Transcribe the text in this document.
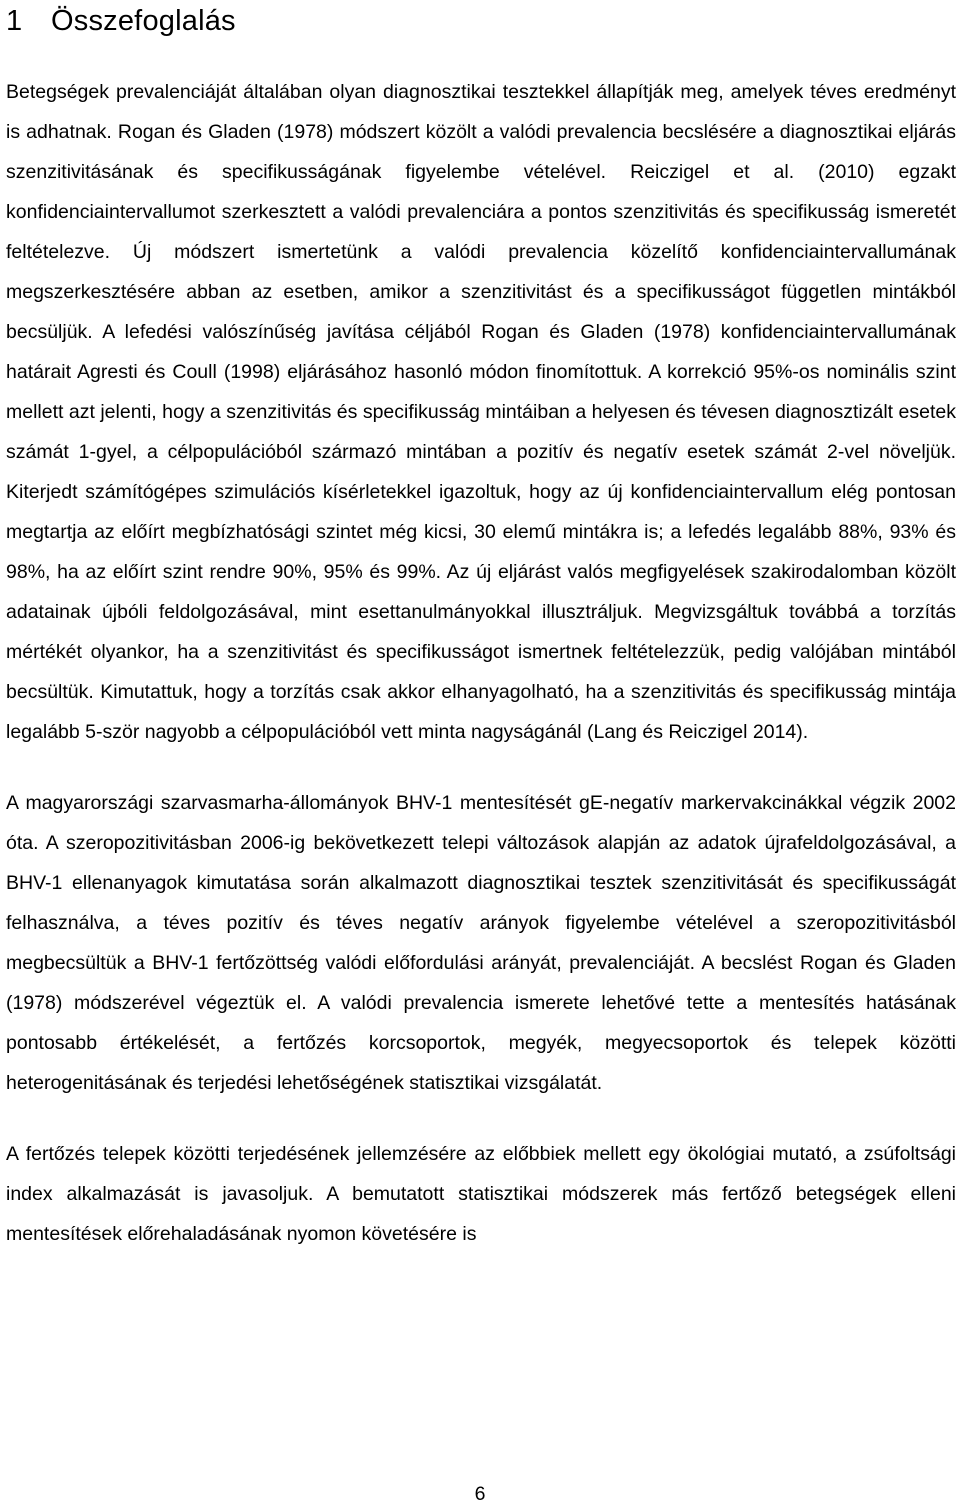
1 Összefoglalás

Betegségek prevalenciáját általában olyan diagnosztikai tesztekkel állapítják meg, amelyek téves eredményt is adhatnak. Rogan és Gladen (1978) módszert közölt a valódi prevalencia becslésére a diagnosztikai eljárás szenzitivitásának és specifikusságának figyelembe vételével. Reiczigel et al. (2010) egzakt konfidenciaintervallumot szerkesztett a valódi prevalenciára a pontos szenzitivitás és specifikusság ismeretét feltételezve. Új módszert ismertetünk a valódi prevalencia közelítő konfidenciaintervallumának megszerkesztésére abban az esetben, amikor a szenzitivitást és a specifikusságot független mintákból becsüljük. A lefedési valószínűség javítása céljából Rogan és Gladen (1978) konfidenciaintervallumának határait Agresti és Coull (1998) eljárásához hasonló módon finomítottuk. A korrekció 95%-os nominális szint mellett azt jelenti, hogy a szenzitivitás és specifikusság mintáiban a helyesen és tévesen diagnosztizált esetek számát 1-gyel, a célpopulációból származó mintában a pozitív és negatív esetek számát 2-vel növeljük. Kiterjedt számítógépes szimulációs kísérletekkel igazoltuk, hogy az új konfidenciaintervallum elég pontosan megtartja az előírt megbízhatósági szintet még kicsi, 30 elemű mintákra is; a lefedés legalább 88%, 93% és 98%, ha az előírt szint rendre 90%, 95% és 99%. Az új eljárást valós megfigyelések szakirodalomban közölt adatainak újbóli feldolgozásával, mint esettanulmányokkal illusztráljuk. Megvizsgáltuk továbbá a torzítás mértékét olyankor, ha a szenzitivitást és specifikusságot ismertnek feltételezzük, pedig valójában mintából becsültük. Kimutattuk, hogy a torzítás csak akkor elhanyagolható, ha a szenzitivitás és specifikusság mintája legalább 5-ször nagyobb a célpopulációból vett minta nagyságánál (Lang és Reiczigel 2014).

A magyarországi szarvasmarha-állományok BHV-1 mentesítését gE-negatív markervakcinákkal végzik 2002 óta. A szeropozitivitásban 2006-ig bekövetkezett telepi változások alapján az adatok újrafeldolgozásával, a BHV-1 ellenanyagok kimutatása során alkalmazott diagnosztikai tesztek szenzitivitását és specifikusságát felhasználva, a téves pozitív és téves negatív arányok figyelembe vételével a szeropozitivitásból megbecsültük a BHV-1 fertőzöttség valódi előfordulási arányát, prevalenciáját. A becslést Rogan és Gladen (1978) módszerével végeztük el. A valódi prevalencia ismerete lehetővé tette a mentesítés hatásának pontosabb értékelését, a fertőzés korcsoportok, megyék, megyecsoportok és telepek közötti heterogenitásának és terjedési lehetőségének statisztikai vizsgálatát.

A fertőzés telepek közötti terjedésének jellemzésére az előbbiek mellett egy ökológiai mutató, a zsúfoltsági index alkalmazását is javasoljuk. A bemutatott statisztikai módszerek más fertőző betegségek elleni mentesítések előrehaladásának nyomon követésére is

6
